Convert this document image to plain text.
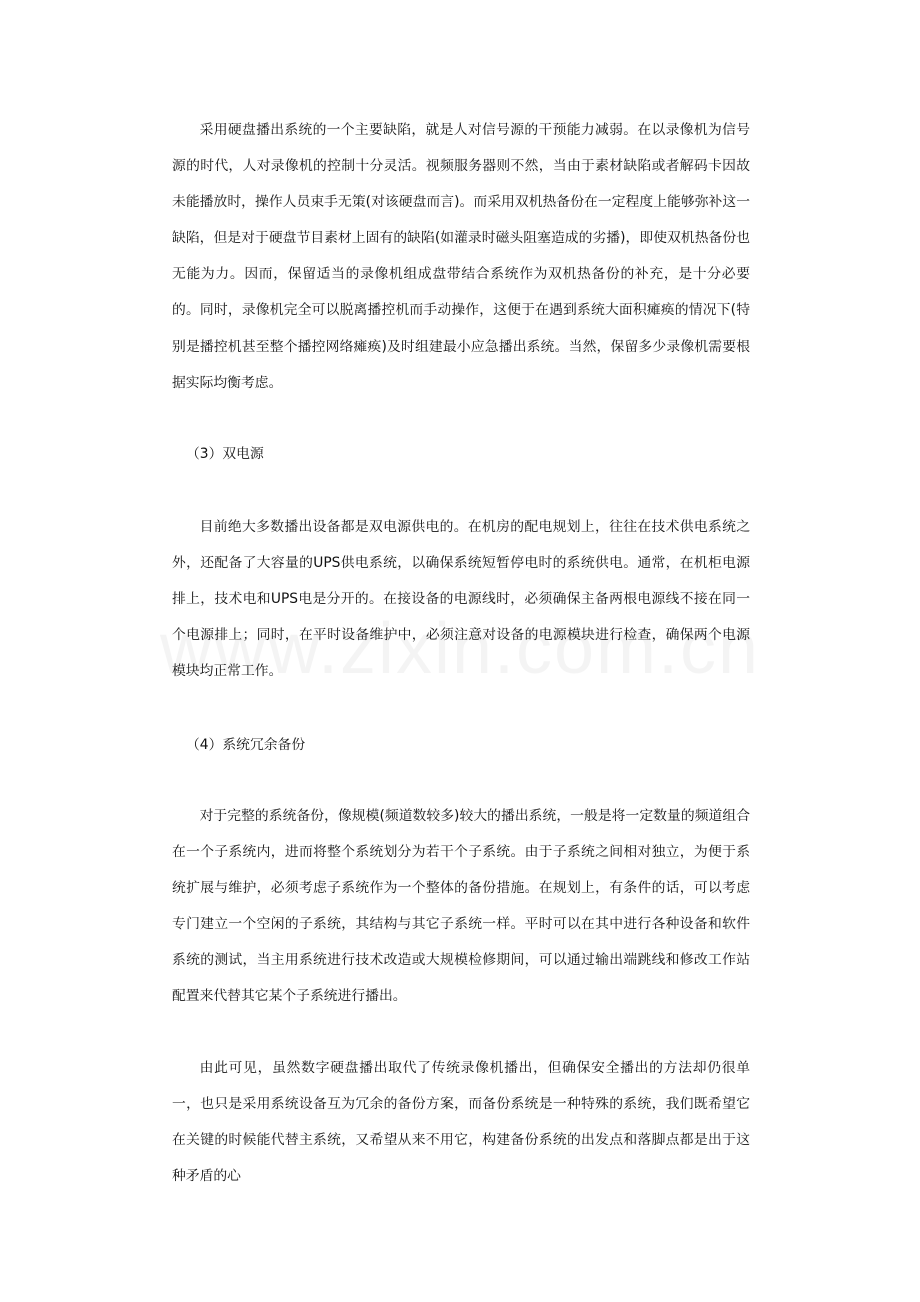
采用硬盘播出系统的一个主要缺陷，就是人对信号源的干预能力减弱。在以录像机为信号源的时代，人对录像机的控制十分灵活。视频服务器则不然，当由于素材缺陷或者解码卡因故未能播放时，操作人员束手无策(对该硬盘而言)。而采用双机热备份在一定程度上能够弥补这一缺陷，但是对于硬盘节目素材上固有的缺陷(如灌录时磁头阻塞造成的劣播)，即使双机热备份也无能为力。因而，保留适当的录像机组成盘带结合系统作为双机热备份的补充，是十分必要的。同时，录像机完全可以脱离播控机而手动操作，这便于在遇到系统大面积瘫痪的情况下(特别是播控机甚至整个播控网络瘫痪)及时组建最小应急播出系统。当然，保留多少录像机需要根据实际均衡考虑。

（3）双电源

目前绝大多数播出设备都是双电源供电的。在机房的配电规划上，往往在技术供电系统之外，还配备了大容量的UPS供电系统，以确保系统短暂停电时的系统供电。通常，在机柜电源排上，技术电和UPS电是分开的。在接设备的电源线时，必须确保主备两根电源线不接在同一个电源排上；同时，在平时设备维护中，必须注意对设备的电源模块进行检查，确保两个电源模块均正常工作。

（4）系统冗余备份

对于完整的系统备份，像规模(频道数较多)较大的播出系统，一般是将一定数量的频道组合在一个子系统内，进而将整个系统划分为若干个子系统。由于子系统之间相对独立，为便于系统扩展与维护，必须考虑子系统作为一个整体的备份措施。在规划上，有条件的话，可以考虑专门建立一个空闲的子系统，其结构与其它子系统一样。平时可以在其中进行各种设备和软件系统的测试，当主用系统进行技术改造或大规模检修期间，可以通过输出端跳线和修改工作站配置来代替其它某个子系统进行播出。

由此可见，虽然数字硬盘播出取代了传统录像机播出，但确保安全播出的方法却仍很单一，也只是采用系统设备互为冗余的备份方案，而备份系统是一种特殊的系统，我们既希望它在关键的时候能代替主系统，又希望从来不用它，构建备份系统的出发点和落脚点都是出于这种矛盾的心
